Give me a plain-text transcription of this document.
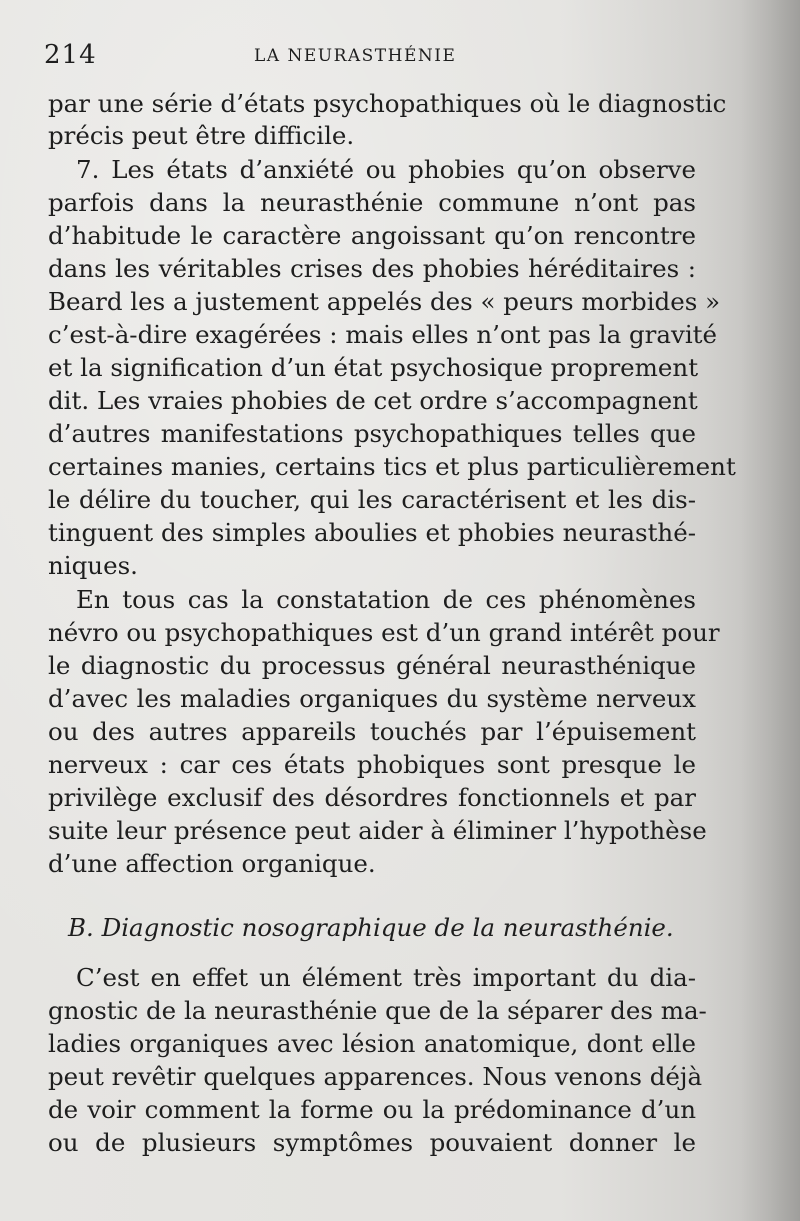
214	LA NEURASTHÉNIE
par une série d’états psychopathiques où le diagnostic
précis peut être difficile.
7. Les états d’anxiété ou phobies qu’on observe
parfois dans la neurasthénie commune n’ont pas
d’habitude le caractère angoissant qu’on rencontre
dans les véritables crises des phobies héréditaires :
Beard les a justement appelés des « peurs morbides »
c’est-à-dire exagérées : mais elles n’ont pas la gravité
et la signification d’un état psychosique proprement
dit. Les vraies phobies de cet ordre s’accompagnent
d’autres manifestations psychopathiques telles que
certaines manies, certains tics et plus particulièrement
le délire du toucher, qui les caractérisent et les dis-
tinguent des simples aboulies et phobies neurasthé-
niques.
En tous cas la constatation de ces phénomènes
névro ou psychopathiques est d’un grand intérêt pour
le diagnostic du processus général neurasthénique
d’avec les maladies organiques du système nerveux
ou des autres appareils touchés par l’épuisement
nerveux : car ces états phobiques sont presque le
privilège exclusif des désordres fonctionnels et par
suite leur présence peut aider à éliminer l’hypothèse
d’une affection organique.
B. Diagnostic nosographique de la neurasthénie.
C’est en effet un élément très important du dia-
gnostic de la neurasthénie que de la séparer des ma-
ladies organiques avec lésion anatomique, dont elle
peut revêtir quelques apparences. Nous venons déjà
de voir comment la forme ou la prédominance d’un
ou de plusieurs symptômes pouvaient donner le
